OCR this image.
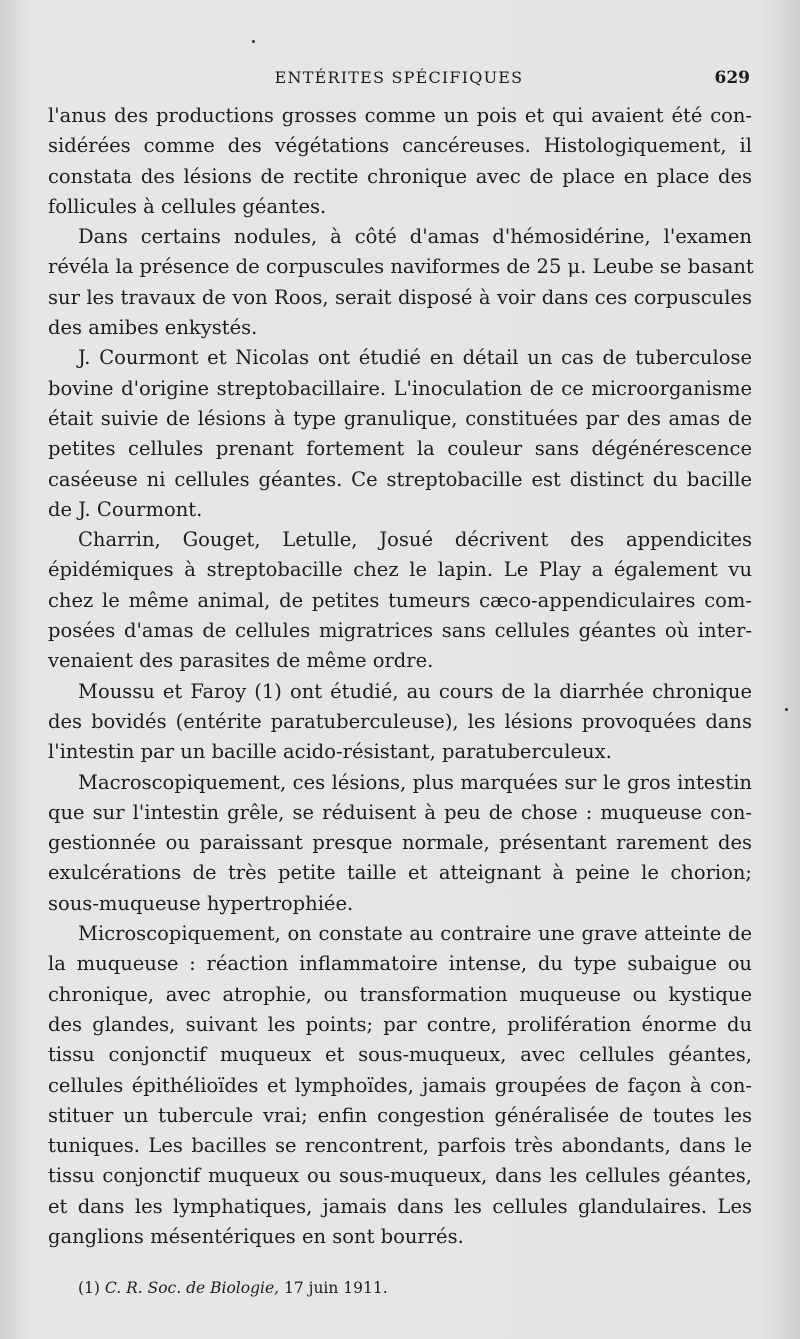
ENTÉRITES SPÉCIFIQUES	629
l'anus des productions grosses comme un pois et qui avaient été con-
sidérées comme des végétations cancéreuses. Histologiquement, il
constata des lésions de rectite chronique avec de place en place des
follicules à cellules géantes.
Dans certains nodules, à côté d'amas d'hémosidérine, l'examen
révéla la présence de corpuscules naviformes de 25 μ. Leube se basant
sur les travaux de von Roos, serait disposé à voir dans ces corpuscules
des amibes enkystés.
J. Courmont et Nicolas ont étudié en détail un cas de tuberculose
bovine d'origine streptobacillaire. L'inoculation de ce microorganisme
était suivie de lésions à type granulique, constituées par des amas de
petites cellules prenant fortement la couleur sans dégénérescence
caséeuse ni cellules géantes. Ce streptobacille est distinct du bacille
de J. Courmont.
Charrin, Gouget, Letulle, Josué décrivent des appendicites
épidémiques à streptobacille chez le lapin. Le Play a également vu
chez le même animal, de petites tumeurs cæco-appendiculaires com-
posées d'amas de cellules migratrices sans cellules géantes où inter-
venaient des parasites de même ordre.
Moussu et Faroy (1) ont étudié, au cours de la diarrhée chronique
des bovidés (entérite paratuberculeuse), les lésions provoquées dans
l'intestin par un bacille acido-résistant, paratuberculeux.
Macroscopiquement, ces lésions, plus marquées sur le gros intestin
que sur l'intestin grêle, se réduisent à peu de chose : muqueuse con-
gestionnée ou paraissant presque normale, présentant rarement des
exulcérations de très petite taille et atteignant à peine le chorion;
sous-muqueuse hypertrophiée.
Microscopiquement, on constate au contraire une grave atteinte de
la muqueuse : réaction inflammatoire intense, du type subaigue ou
chronique, avec atrophie, ou transformation muqueuse ou kystique
des glandes, suivant les points; par contre, prolifération énorme du
tissu conjonctif muqueux et sous-muqueux, avec cellules géantes,
cellules épithélioïdes et lymphoïdes, jamais groupées de façon à con-
stituer un tubercule vrai; enfin congestion généralisée de toutes les
tuniques. Les bacilles se rencontrent, parfois très abondants, dans le
tissu conjonctif muqueux ou sous-muqueux, dans les cellules géantes,
et dans les lymphatiques, jamais dans les cellules glandulaires. Les
ganglions mésentériques en sont bourrés.
(1) C. R. Soc. de Biologie, 17 juin 1911.
